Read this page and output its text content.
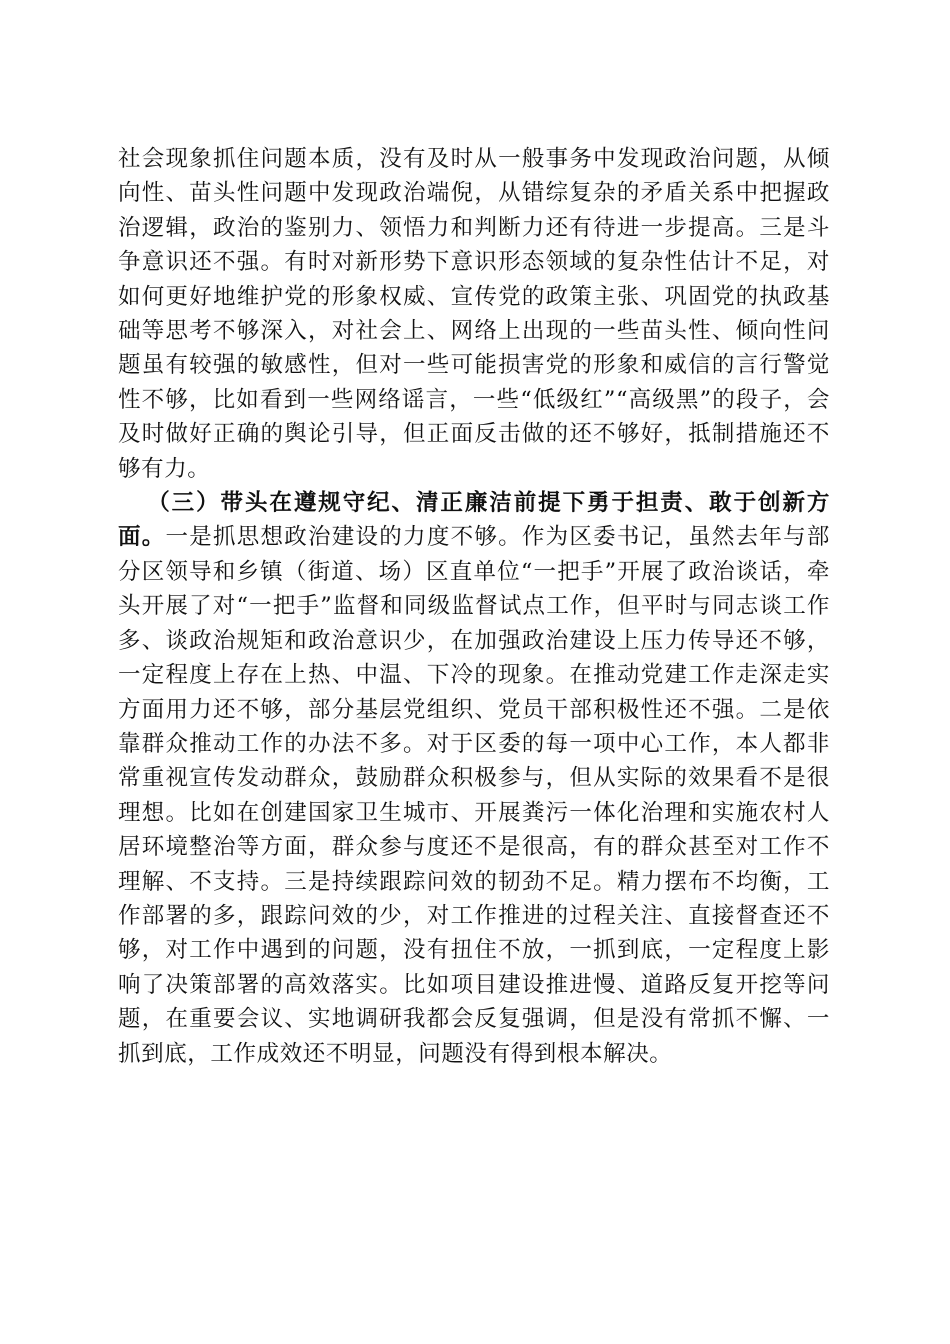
社会现象抓住问题本质，没有及时从一般事务中发现政治问题，从倾向性、苗头性问题中发现政治端倪，从错综复杂的矛盾关系中把握政治逻辑，政治的鉴别力、领悟力和判断力还有待进一步提高。三是斗争意识还不强。有时对新形势下意识形态领域的复杂性估计不足，对如何更好地维护党的形象权威、宣传党的政策主张、巩固党的执政基础等思考不够深入，对社会上、网络上出现的一些苗头性、倾向性问题虽有较强的敏感性，但对一些可能损害党的形象和威信的言行警觉性不够，比如看到一些网络谣言，一些“低级红”“高级黑”的段子，会及时做好正确的舆论引导，但正面反击做的还不够好，抵制措施还不够有力。

（三）带头在遵规守纪、清正廉洁前提下勇于担责、敢于创新方面。一是抓思想政治建设的力度不够。作为区委书记，虽然去年与部分区领导和乡镇（街道、场）区直单位“一把手”开展了政治谈话，牵头开展了对“一把手”监督和同级监督试点工作，但平时与同志谈工作多、谈政治规矩和政治意识少，在加强政治建设上压力传导还不够，一定程度上存在上热、中温、下冷的现象。在推动党建工作走深走实方面用力还不够，部分基层党组织、党员干部积极性还不强。二是依靠群众推动工作的办法不多。对于区委的每一项中心工作，本人都非常重视宣传发动群众，鼓励群众积极参与，但从实际的效果看不是很理想。比如在创建国家卫生城市、开展粪污一体化治理和实施农村人居环境整治等方面，群众参与度还不是很高，有的群众甚至对工作不理解、不支持。三是持续跟踪问效的韧劲不足。精力摆布不均衡，工作部署的多，跟踪问效的少，对工作推进的过程关注、直接督查还不够，对工作中遇到的问题，没有扭住不放，一抓到底，一定程度上影响了决策部署的高效落实。比如项目建设推进慢、道路反复开挖等问题，在重要会议、实地调研我都会反复强调，但是没有常抓不懈、一抓到底，工作成效还不明显，问题没有得到根本解决。
